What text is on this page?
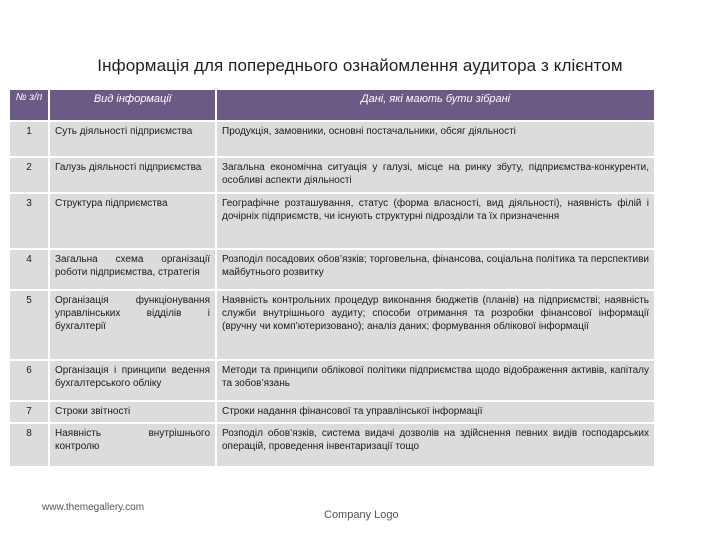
Інформація для попереднього ознайомлення аудитора з клієнтом
№ з/п	Вид інформації	Дані, які мають бути зібрані
1	Суть діяльності підприємства	Продукція, замовники, основні постачальники, обсяг діяльності
2	Галузь діяльності підприємства	Загальна економічна ситуація у галузі, місце на ринку збуту, підприємства-конкуренти, особливі аспекти діяльності
3	Структура підприємства	Географічне розташування, статус (форма власності, вид діяльності), наявність філій і дочірніх підприємств, чи існують структурні підрозділи та їх призначення
4	Загальна схема організації роботи підприємства, стратегія	Розподіл посадових обов’язків; торговельна, фінансова, соціальна політика та перспективи майбутнього розвитку
5	Організація функціонування управлінських відділів і бухгалтерії	Наявність контрольних процедур виконання бюджетів (планів) на підприємстві; наявність служби внутрішнього аудиту; способи отримання та розробки фінансової інформації (вручну чи комп’ютеризовано); аналіз даних; формування облікової інформації
6	Організація і принципи ведення бухгалтерського обліку	Методи та принципи облікової політики підприємства щодо відображення активів, капіталу та зобов’язань
7	Строки звітності	Строки надання фінансової та управлінської інформації
8	Наявність внутрішнього контролю	Розподіл обов’язків, система видачі дозволів на здійснення певних видів господарських операцій, проведення інвентаризації тощо
www.themegallery.com
Company Logo
